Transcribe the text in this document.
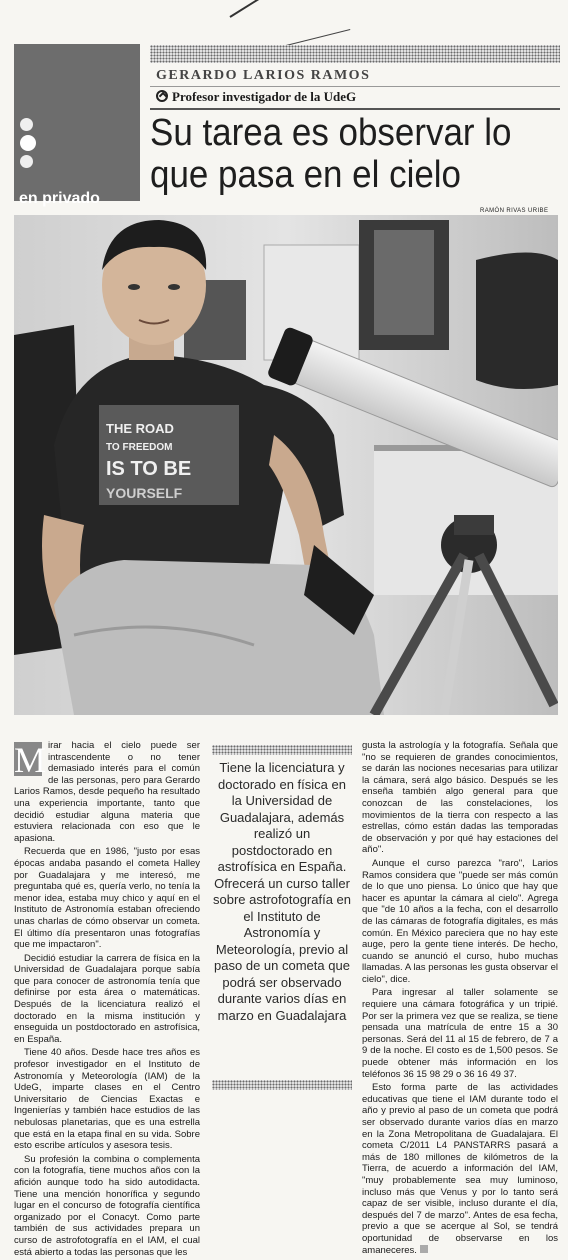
en privado
GERARDO LARIOS RAMOS
Profesor investigador de la UdeG
Su tarea es observar lo que pasa en el cielo
RAMÓN RIVAS URIBE
THE ROAD
TO FREEDOM
IS TO BE
YOURSELF

M irar hacia el cielo puede ser intrascendente o no tener demasiado interés para el común de las personas, pero para Gerardo Larios Ramos, desde pequeño ha resultado una experiencia importante, tanto que decidió estudiar alguna materia que estuviera relacionada con eso que le apasiona.

Recuerda que en 1986, "justo por esas épocas andaba pasando el cometa Halley por Guadalajara y me interesó, me preguntaba qué es, quería verlo, no tenía la menor idea, estaba muy chico y aquí en el Instituto de Astronomía estaban ofreciendo unas charlas de cómo observar un cometa. El último día presentaron unas fotografías que me impactaron".

Decidió estudiar la carrera de física en la Universidad de Guadalajara porque sabía que para conocer de astronomía tenía que definirse por esta área o matemáticas. Después de la licenciatura realizó el doctorado en la misma institución y enseguida un postdoctorado en astrofísica, en España.

Tiene 40 años. Desde hace tres años es profesor investigador en el Instituto de Astronomía y Meteorología (IAM) de la UdeG, imparte clases en el Centro Universitario de Ciencias Exactas e Ingenierías y también hace estudios de las nebulosas planetarias, que es una estrella que está en la etapa final en su vida. Sobre esto escribe artículos y asesora tesis.

Su profesión la combina o complementa con la fotografía, tiene muchos años con la afición aunque todo ha sido autodidacta. Tiene una mención honorífica y segundo lugar en el concurso de fotografía científica organizado por el Conacyt. Como parte también de sus actividades prepara un curso de astrofotografía en el IAM, el cual está abierto a todas las personas que les

Tiene la licenciatura y doctorado en física en la Universidad de Guadalajara, además realizó un postdoctorado en astrofísica en España. Ofrecerá un curso taller sobre astrofotografía en el Instituto de Astronomía y Meteorología, previo al paso de un cometa que podrá ser observado durante varios días en marzo en Guadalajara

gusta la astrología y la fotografía. Señala que "no se requieren de grandes conocimientos, se darán las nociones necesarias para utilizar la cámara, será algo básico. Después se les enseña también algo general para que conozcan de las constelaciones, los movimientos de la tierra con respecto a las estrellas, cómo están dadas las temporadas de observación y por qué hay estaciones del año".

Aunque el curso parezca "raro", Larios Ramos considera que "puede ser más común de lo que uno piensa. Lo único que hay que hacer es apuntar la cámara al cielo". Agrega que "de 10 años a la fecha, con el desarrollo de las cámaras de fotografía digitales, es más común. En México pareciera que no hay este auge, pero la gente tiene interés. De hecho, cuando se anunció el curso, hubo muchas llamadas. A las personas les gusta observar el cielo", dice.

Para ingresar al taller solamente se requiere una cámara fotográfica y un tripié. Por ser la primera vez que se realiza, se tiene pensada una matrícula de entre 15 a 30 personas. Será del 11 al 15 de febrero, de 7 a 9 de la noche. El costo es de 1,500 pesos. Se puede obtener más información en los teléfonos 36 15 98 29 o 36 16 49 37.

Esto forma parte de las actividades educativas que tiene el IAM durante todo el año y previo al paso de un cometa que podrá ser observado durante varios días en marzo en la Zona Metropolitana de Guadalajara. El cometa C/2011 L4 PANSTARRS pasará a más de 180 millones de kilómetros de la Tierra, de acuerdo a información del IAM, "muy probablemente sea muy luminoso, incluso más que Venus y por lo tanto será capaz de ser visible, incluso durante el día, después del 7 de marzo". Antes de esa fecha, previo a que se acerque al Sol, se tendrá oportunidad de observarse en los amaneceres.
